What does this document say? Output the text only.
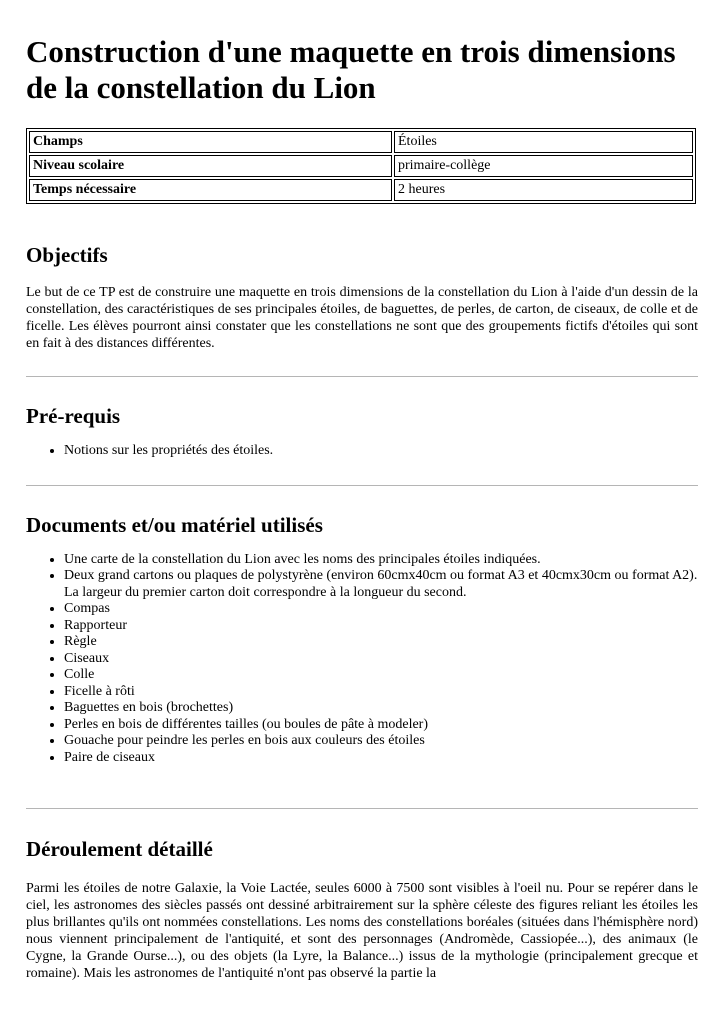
Construction d'une maquette en trois dimensions de la constellation du Lion
Champs	Étoiles
Niveau scolaire	primaire-collège
Temps nécessaire	2 heures
Objectifs

Le but de ce TP est de construire une maquette en trois dimensions de la constellation du Lion à l'aide d'un dessin de la constellation, des caractéristiques de ses principales étoiles, de baguettes, de perles, de carton, de ciseaux, de colle et de ficelle. Les élèves pourront ainsi constater que les constellations ne sont que des groupements fictifs d'étoiles qui sont en fait à des distances différentes.

Pré-requis
• Notions sur les propriétés des étoiles.
Documents et/ou matériel utilisés
• Une carte de la constellation du Lion avec les noms des principales étoiles indiquées.
• Deux grand cartons ou plaques de polystyrène (environ 60cmx40cm ou format A3 et 40cmx30cm ou format A2). La largeur du premier carton doit correspondre à la longueur du second.
• Compas
• Rapporteur
• Règle
• Ciseaux
• Colle
• Ficelle à rôti
• Baguettes en bois (brochettes)
• Perles en bois de différentes tailles (ou boules de pâte à modeler)
• Gouache pour peindre les perles en bois aux couleurs des étoiles
• Paire de ciseaux
Déroulement détaillé

Parmi les étoiles de notre Galaxie, la Voie Lactée, seules 6000 à 7500 sont visibles à l'oeil nu. Pour se repérer dans le ciel, les astronomes des siècles passés ont dessiné arbitrairement sur la sphère céleste des figures reliant les étoiles les plus brillantes qu'ils ont nommées constellations. Les noms des constellations boréales (situées dans l'hémisphère nord) nous viennent principalement de l'antiquité, et sont des personnages (Andromède, Cassiopée...), des animaux (le Cygne, la Grande Ourse...), ou des objets (la Lyre, la Balance...) issus de la mythologie (principalement grecque et romaine). Mais les astronomes de l'antiquité n'ont pas observé la partie la
